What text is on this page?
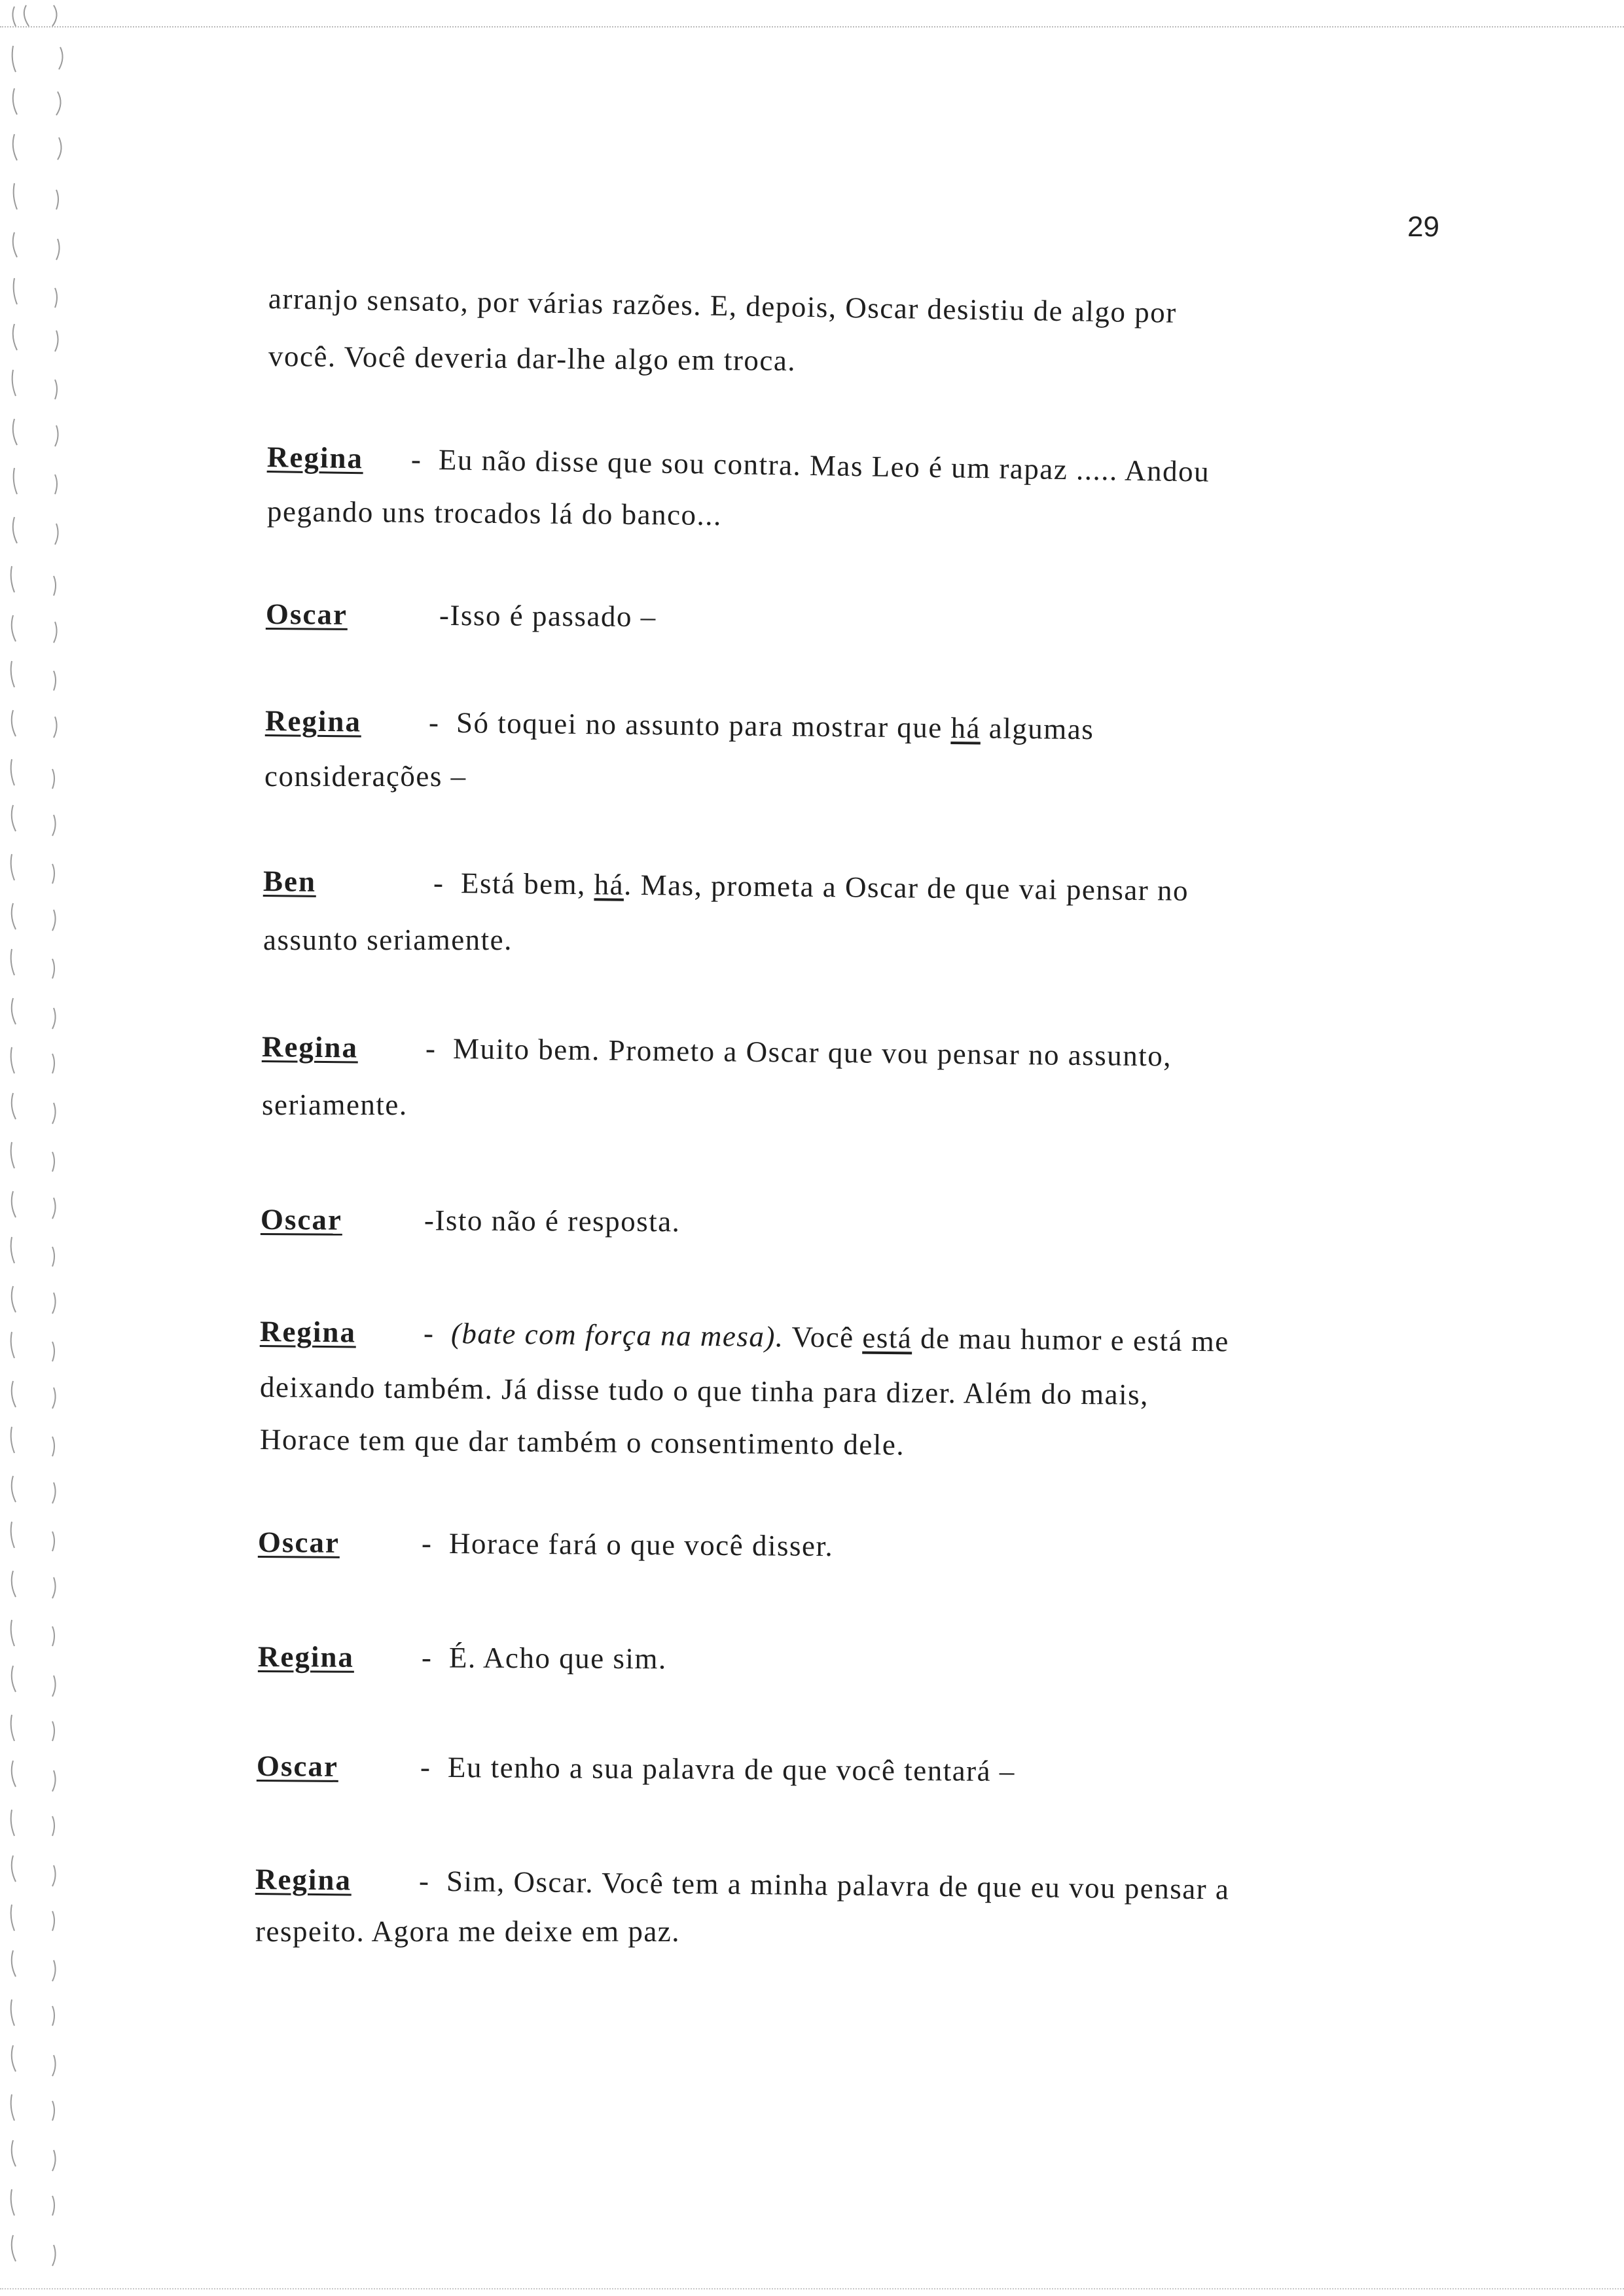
29
arranjo sensato, por várias razões. E, depois, Oscar desistiu de algo por
você. Você deveria dar-lhe algo em troca.
Regina - Eu não disse que sou contra. Mas Leo é um rapaz ..... Andou
pegando uns trocados lá do banco...
Oscar	-Isso é passado –
Regina - Só toquei no assunto para mostrar que há algumas
considerações –
Ben	- Está bem, há. Mas, prometa a Oscar de que vai pensar no
assunto seriamente.
Regina - Muito bem. Prometo a Oscar que vou pensar no assunto,
seriamente.
Oscar	-Isto não é resposta.
Regina - (bate com força na mesa). Você está de mau humor e está me
deixando também. Já disse tudo o que tinha para dizer. Além do mais,
Horace tem que dar também o consentimento dele.
Oscar	- Horace fará o que você disser.
Regina - É. Acho que sim.
Oscar	- Eu tenho a sua palavra de que você tentará –
Regina - Sim, Oscar. Você tem a minha palavra de que eu vou pensar a
respeito. Agora me deixe em paz.
